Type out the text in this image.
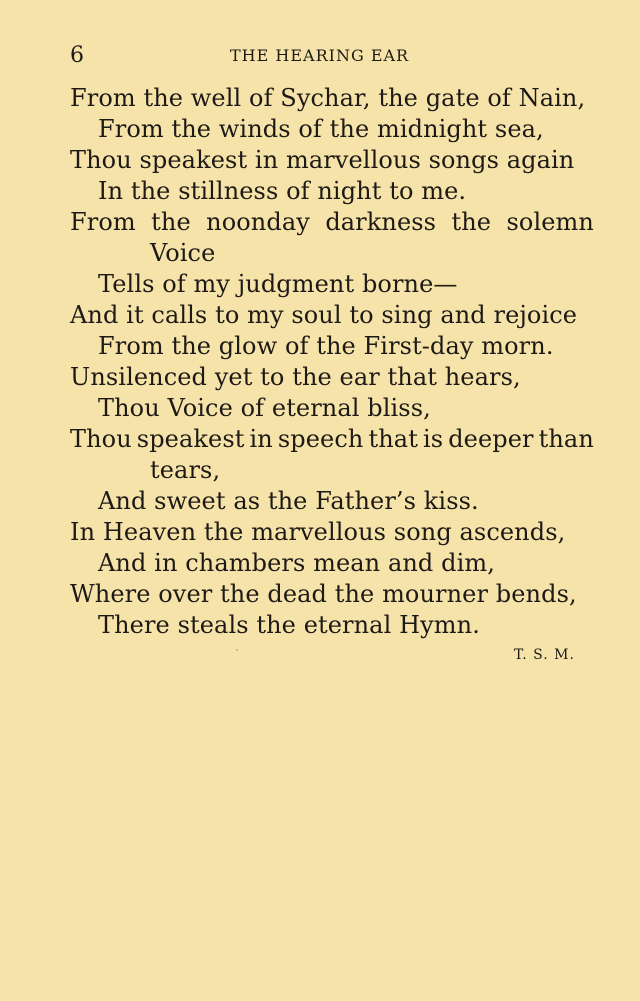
6	THE HEARING EAR
From the well of Sychar, the gate of Nain,
From the winds of the midnight sea,
Thou speakest in marvellous songs again
In the stillness of night to me.
From the noonday darkness the solemn
Voice
Tells of my judgment borne—
And it calls to my soul to sing and rejoice
From the glow of the First-day morn.
Unsilenced yet to the ear that hears,
Thou Voice of eternal bliss,
Thou speakest in speech that is deeper than
tears,
And sweet as the Father’s kiss.
In Heaven the marvellous song ascends,
And in chambers mean and dim,
Where over the dead the mourner bends,
There steals the eternal Hymn.
T. S. M.
